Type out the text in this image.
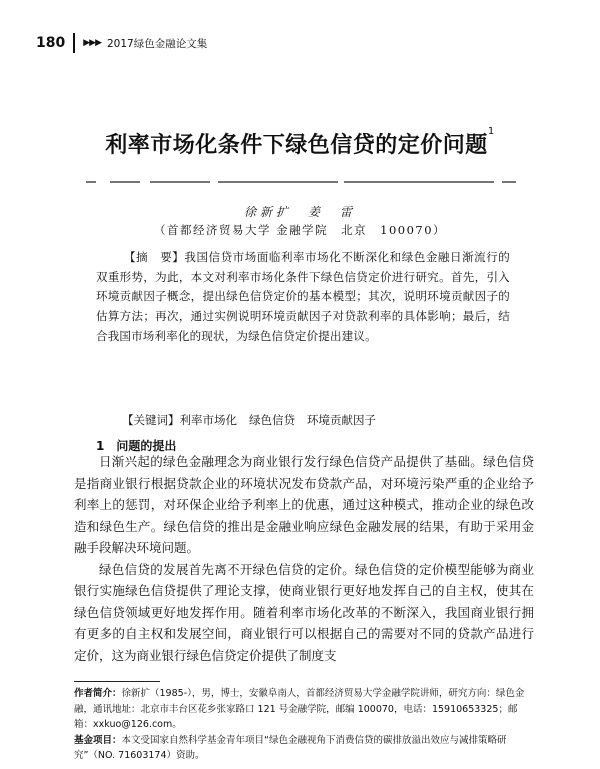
180 ▶▶▶ 2017绿色金融论文集
利率市场化条件下绿色信贷的定价问题$^1$
徐新扩　姜　雷
（首都经济贸易大学 金融学院　北京　100070）
【摘　要】我国信贷市场面临利率市场化不断深化和绿色金融日渐流行的双重形势，为此，本文对利率市场化条件下绿色信贷定价进行研究。首先，引入环境贡献因子概念，提出绿色信贷定价的基本模型；其次，说明环境贡献因子的估算方法；再次，通过实例说明环境贡献因子对贷款利率的具体影响；最后，结合我国市场利率化的现状，为绿色信贷定价提出建议。
【关键词】利率市场化 绿色信贷 环境贡献因子
1　问题的提出

日渐兴起的绿色金融理念为商业银行发行绿色信贷产品提供了基础。绿色信贷是指商业银行根据贷款企业的环境状况发布贷款产品，对环境污染严重的企业给予利率上的惩罚，对环保企业给予利率上的优惠，通过这种模式，推动企业的绿色改造和绿色生产。绿色信贷的推出是金融业响应绿色金融发展的结果，有助于采用金融手段解决环境问题。

绿色信贷的发展首先离不开绿色信贷的定价。绿色信贷的定价模型能够为商业银行实施绿色信贷提供了理论支撑，使商业银行更好地发挥自己的自主权，使其在绿色信贷领域更好地发挥作用。随着利率市场化改革的不断深入，我国商业银行拥有更多的自主权和发展空间，商业银行可以根据自己的需要对不同的贷款产品进行定价，这为商业银行绿色信贷定价提供了制度支

作者简介：徐新扩（1985-），男，博士，安徽阜南人，首都经济贸易大学金融学院讲师，研究方向：绿色金融，通讯地址：北京市丰台区花乡张家路口 121 号金融学院，邮编 100070，电话：15910653325；邮箱：xxkuo@126.com。

基金项目：本文受国家自然科学基金青年项目“绿色金融视角下消费信贷的碳排放溢出效应与减排策略研究”（NO. 71603174）资助。
